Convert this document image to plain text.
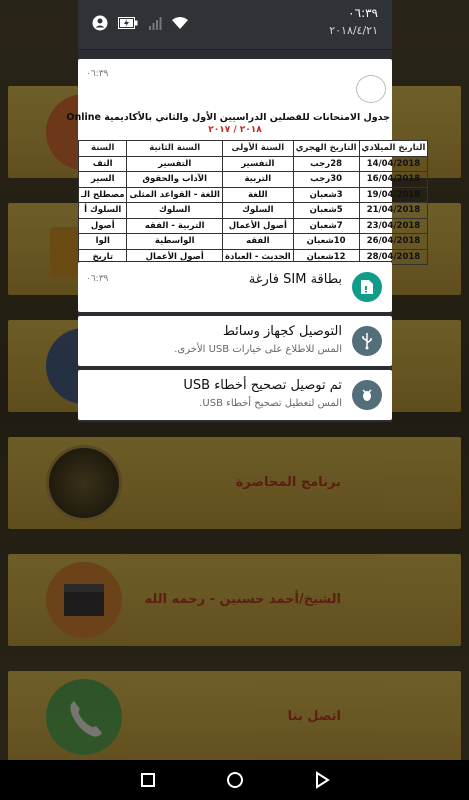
برنامج المحاضرة
الشيخ/أحمد حسنين - رحمه الله
اتصل بنا
٠٦:٣٩
٢٠١٨/٤/٢١
٠٦:٣٩
جدول الامتحانات للفصلين الدراسيين الأول والثاني بالأكاديمية Online
٢٠١٨ / ٢٠١٧
السنة	السنة الثانية	السنة الأولى	التاريخ الهجري	التاريخ الميلادي
التف	التفسير	التفسير	28رجب	14/04/2018
السير	الآداب والحقوق	التربية	30رجب	16/04/2018
مصطلح الـ	اللغة - القواعد المثلى	اللغة	3شعبان	19/04/2018
السلوك أ	السلوك	السلوك	5شعبان	21/04/2018
أصول	التربية - الفقه	أصول الأعمال	7شعبان	23/04/2018
الوا	الواسطية	الفقه	10شعبان	26/04/2018
تاريخ	أصول الأعمال	الحديث - العبادة	12شعبان	28/04/2018
٠٦:٣٩	بطاقة SIM فارغة
التوصيل كجهاز وسائط
المس للاطلاع على خيارات USB الأخرى.
تم توصيل تصحيح أخطاء USB
المس لتعطيل تصحيح أخطاء USB.
